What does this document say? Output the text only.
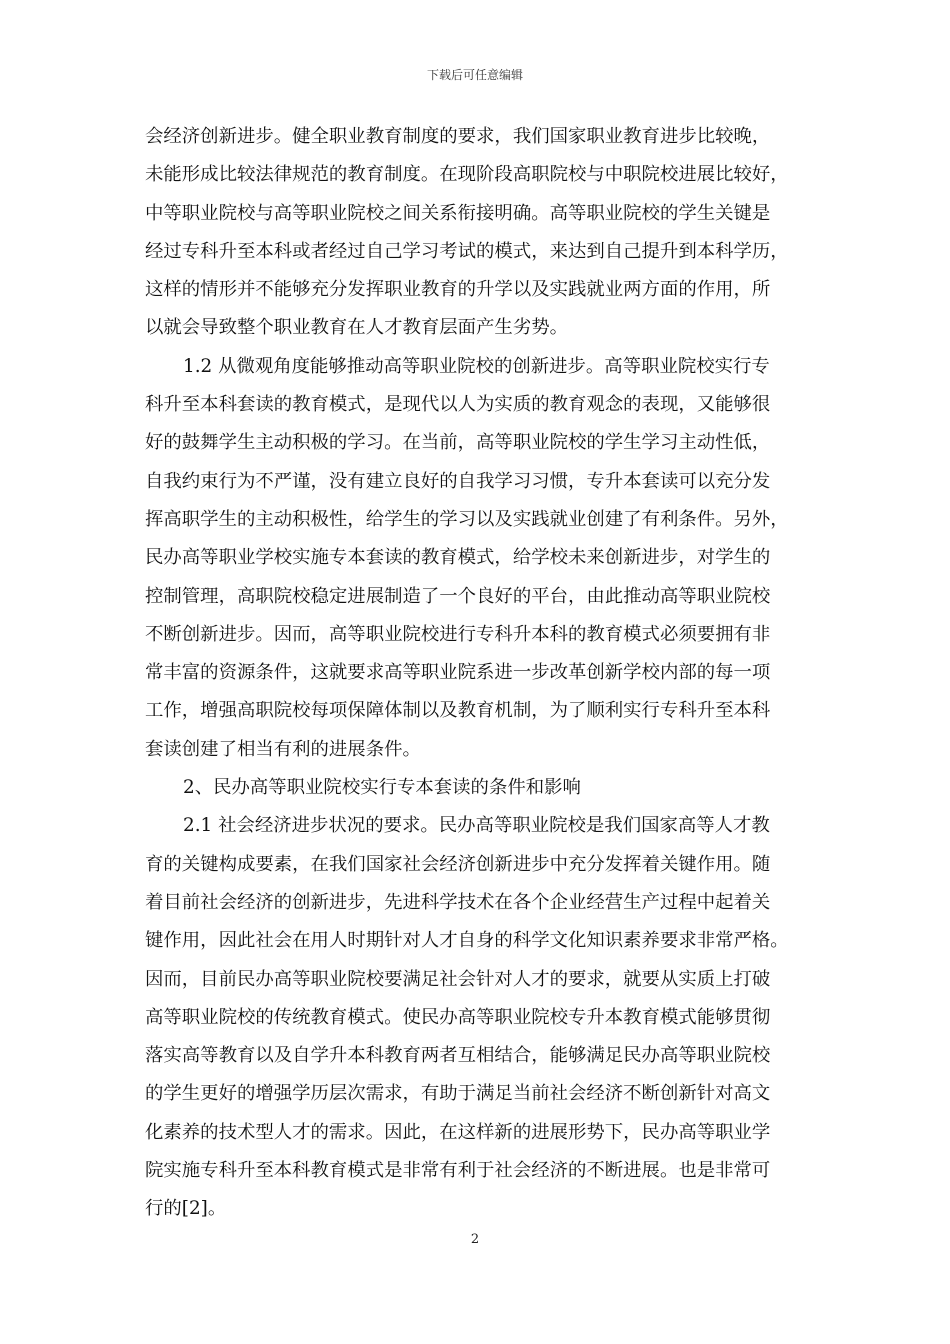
下载后可任意编辑
会经济创新进步。健全职业教育制度的要求，我们国家职业教育进步比较晚，
未能形成比较法律规范的教育制度。在现阶段高职院校与中职院校进展比较好，
中等职业院校与高等职业院校之间关系衔接明确。高等职业院校的学生关键是
经过专科升至本科或者经过自己学习考试的模式，来达到自己提升到本科学历，
这样的情形并不能够充分发挥职业教育的升学以及实践就业两方面的作用，所
以就会导致整个职业教育在人才教育层面产生劣势。
1.2 从微观角度能够推动高等职业院校的创新进步。高等职业院校实行专
科升至本科套读的教育模式，是现代以人为实质的教育观念的表现，又能够很
好的鼓舞学生主动积极的学习。在当前，高等职业院校的学生学习主动性低，
自我约束行为不严谨，没有建立良好的自我学习习惯，专升本套读可以充分发
挥高职学生的主动积极性，给学生的学习以及实践就业创建了有利条件。另外，
民办高等职业学校实施专本套读的教育模式，给学校未来创新进步，对学生的
控制管理，高职院校稳定进展制造了一个良好的平台，由此推动高等职业院校
不断创新进步。因而，高等职业院校进行专科升本科的教育模式必须要拥有非
常丰富的资源条件，这就要求高等职业院系进一步改革创新学校内部的每一项
工作，增强高职院校每项保障体制以及教育机制，为了顺利实行专科升至本科
套读创建了相当有利的进展条件。
2、民办高等职业院校实行专本套读的条件和影响
2.1 社会经济进步状况的要求。民办高等职业院校是我们国家高等人才教
育的关键构成要素，在我们国家社会经济创新进步中充分发挥着关键作用。随
着目前社会经济的创新进步，先进科学技术在各个企业经营生产过程中起着关
键作用，因此社会在用人时期针对人才自身的科学文化知识素养要求非常严格。
因而，目前民办高等职业院校要满足社会针对人才的要求，就要从实质上打破
高等职业院校的传统教育模式。使民办高等职业院校专升本教育模式能够贯彻
落实高等教育以及自学升本科教育两者互相结合，能够满足民办高等职业院校
的学生更好的增强学历层次需求，有助于满足当前社会经济不断创新针对高文
化素养的技术型人才的需求。因此，在这样新的进展形势下，民办高等职业学
院实施专科升至本科教育模式是非常有利于社会经济的不断进展。也是非常可
行的[2]。
2
